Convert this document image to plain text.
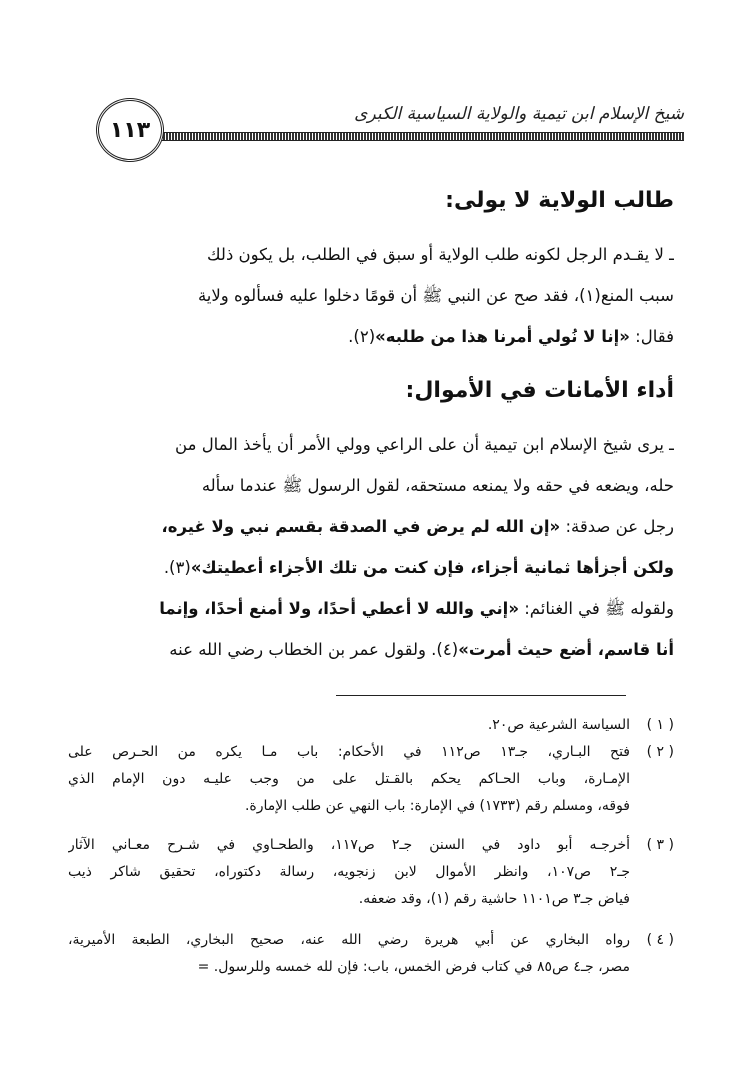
شيخ الإسلام ابن تيمية والولاية السياسية الكبرى
١١٣
طالب الولاية لا يولى:
ـ لا يقـدم الرجل لكونه طلب الولاية أو سبق في الطلب، بل يكون ذلك
سبب المنع(١)، فقد صح عن النبي ﷺ أن قومًا دخلوا عليه فسألوه ولاية
فقال: «إنا لا نُولي أمرنا هذا من طلبه»(٢).
أداء الأمانات في الأموال:
ـ يرى شيخ الإسلام ابن تيمية أن على الراعي وولي الأمر أن يأخذ المال من
حله، ويضعه في حقه ولا يمنعه مستحقه، لقول الرسول ﷺ عندما سأله
رجل عن صدقة: «إن الله لم يرض في الصدقة بقسم نبي ولا غيره،
ولكن أجزأها ثمانية أجزاء، فإن كنت من تلك الأجزاء أعطيتك»(٣).
ولقوله ﷺ في الغنائم: «إني والله لا أعطي أحدًا، ولا أمنع أحدًا، وإنما
أنا قاسم، أضع حيث أمرت»(٤). ولقول عمر بن الخطاب رضي الله عنه
( ١ )
السياسة الشرعية ص٢٠.
( ٢ )
فتح البـاري، جـ١٣ ص١١٢ في الأحكام: باب مـا يكره من الحـرص على
الإمـارة، وباب الحـاكم يحكم بالقـتل على من وجب عليـه دون الإمام الذي
فوقه، ومسلم رقم (١٧٣٣) في الإمارة: باب النهي عن طلب الإمارة.
( ٣ )
أخرجـه أبو داود في السنن جـ٢ ص١١٧، والطحـاوي في شـرح معـاني الآثار
جـ٢ ص١٠٧، وانظر الأموال لابن زنجويه، رسالة دكتوراه، تحقيق شاكر ذيب
فياض جـ٣ ص١١٠١ حاشية رقم (١)، وقد ضعفه.
( ٤ )
رواه البخاري عن أبي هريرة رضي الله عنه، صحيح البخاري، الطبعة الأميرية،
مصر، جـ٤ ص٨٥ في كتاب فرض الخمس، باب: فإن لله خمسه وللرسول. =
